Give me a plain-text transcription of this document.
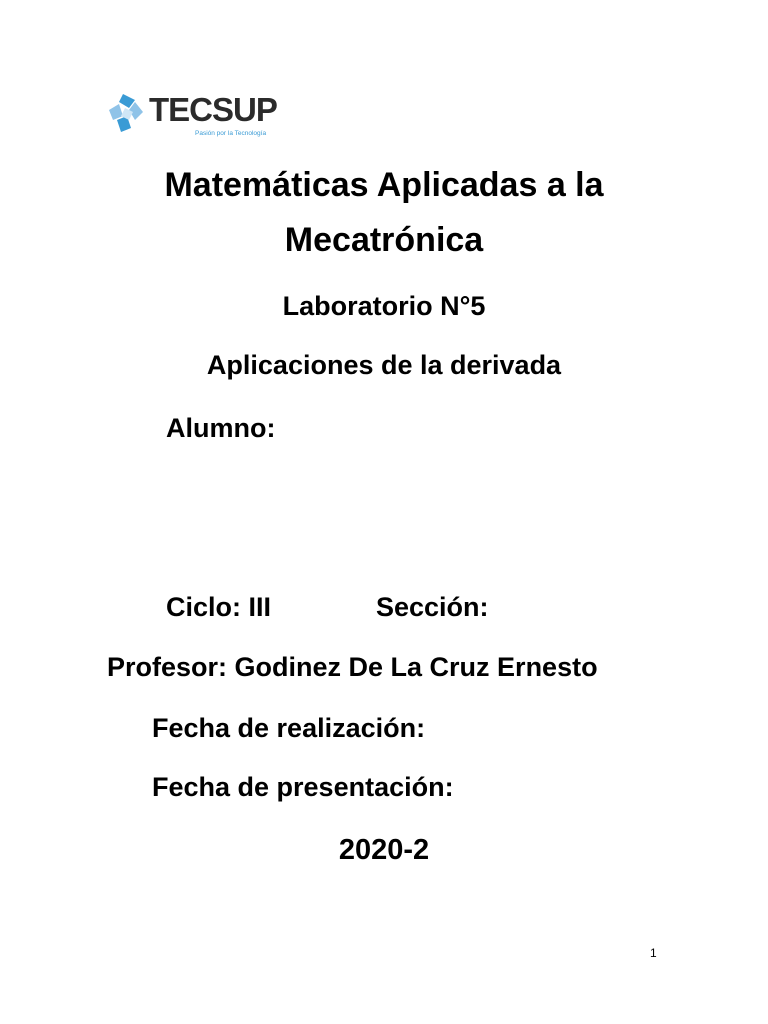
TECSUP
Pasión por la Tecnología
Matemáticas Aplicadas a la
Mecatrónica
Laboratorio N°5
Aplicaciones de la derivada
Alumno:
Ciclo: III	Sección:
Profesor: Godinez De La Cruz Ernesto
Fecha de realización:
Fecha de presentación:
2020-2
1
